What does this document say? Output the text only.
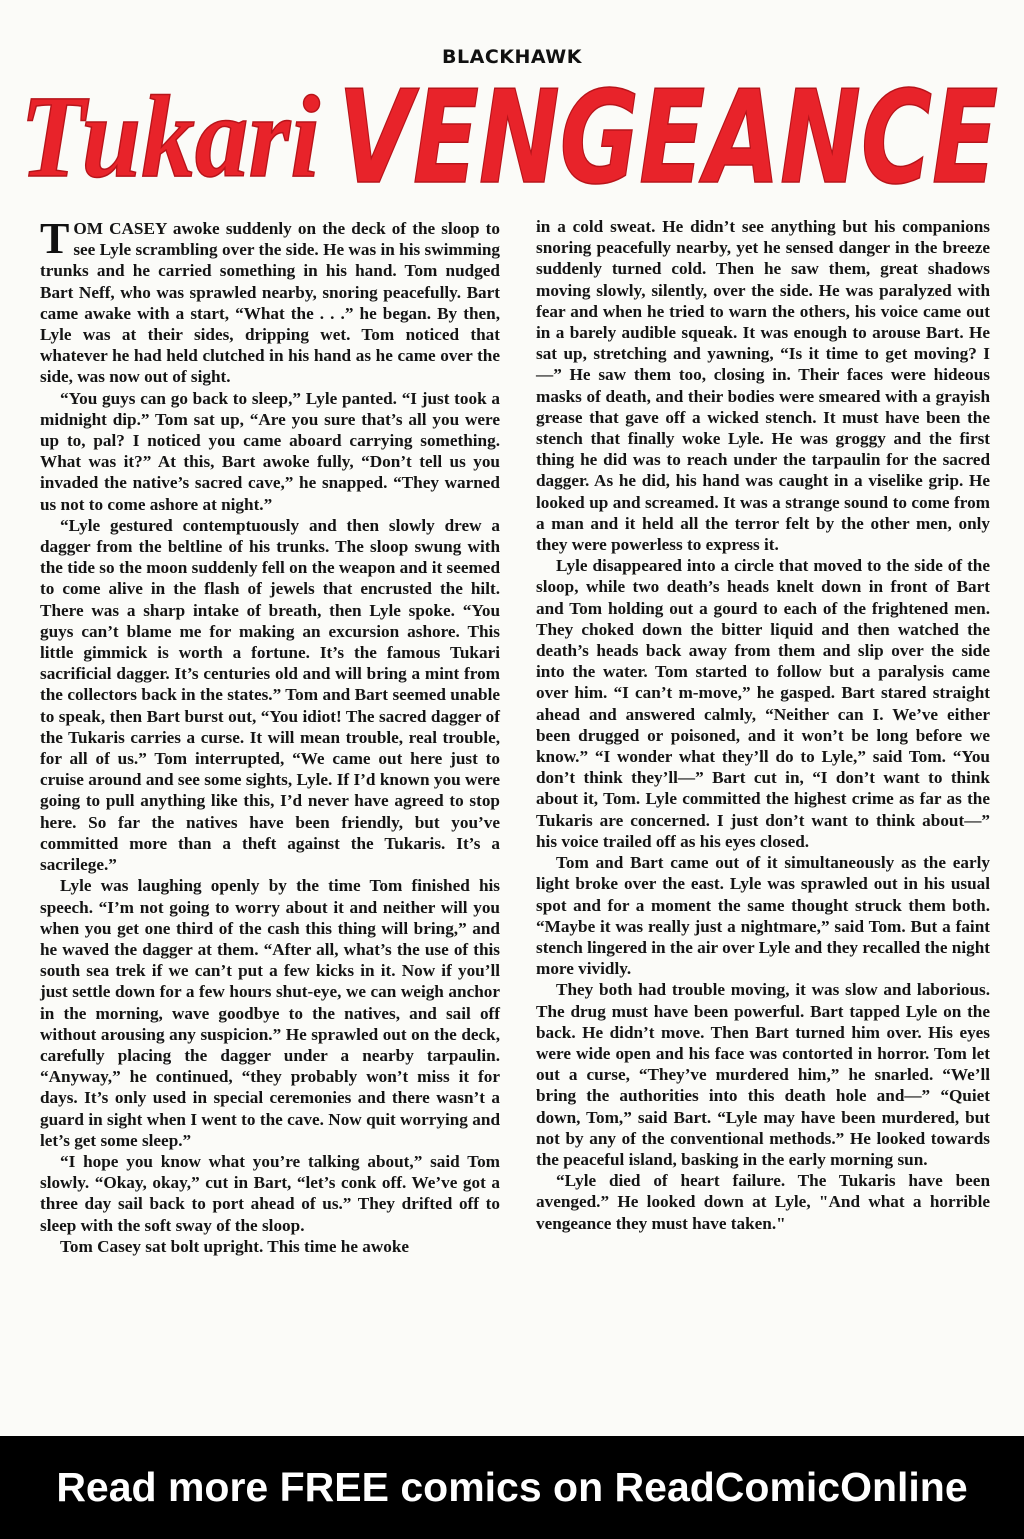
BLACKHAWK
Tukari VENGEANCE

TOM CASEY awoke suddenly on the deck of the sloop to see Lyle scrambling over the side. He was in his swimming trunks and he carried something in his hand. Tom nudged Bart Neff, who was sprawled nearby, snoring peacefully. Bart came awake with a start, “What the . . .” he began. By then, Lyle was at their sides, dripping wet. Tom noticed that whatever he had held clutched in his hand as he came over the side, was now out of sight.

“You guys can go back to sleep,” Lyle panted. “I just took a midnight dip.” Tom sat up, “Are you sure that’s all you were up to, pal? I noticed you came aboard carrying something. What was it?” At this, Bart awoke fully, “Don’t tell us you invaded the native’s sacred cave,” he snapped. “They warned us not to come ashore at night.”

“Lyle gestured contemptuously and then slowly drew a dagger from the beltline of his trunks. The sloop swung with the tide so the moon suddenly fell on the weapon and it seemed to come alive in the flash of jewels that encrusted the hilt. There was a sharp intake of breath, then Lyle spoke. “You guys can’t blame me for making an excursion ashore. This little gimmick is worth a fortune. It’s the famous Tukari sacrificial dagger. It’s centuries old and will bring a mint from the collectors back in the states.” Tom and Bart seemed unable to speak, then Bart burst out, “You idiot! The sacred dagger of the Tukaris carries a curse. It will mean trouble, real trouble, for all of us.” Tom interrupted, “We came out here just to cruise around and see some sights, Lyle. If I’d known you were going to pull anything like this, I’d never have agreed to stop here. So far the natives have been friendly, but you’ve committed more than a theft against the Tukaris. It’s a sacrilege.”

Lyle was laughing openly by the time Tom finished his speech. “I’m not going to worry about it and neither will you when you get one third of the cash this thing will bring,” and he waved the dagger at them. “After all, what’s the use of this south sea trek if we can’t put a few kicks in it. Now if you’ll just settle down for a few hours shut-eye, we can weigh anchor in the morning, wave goodbye to the natives, and sail off without arousing any suspicion.” He sprawled out on the deck, carefully placing the dagger under a nearby tarpaulin. “Anyway,” he continued, “they probably won’t miss it for days. It’s only used in special ceremonies and there wasn’t a guard in sight when I went to the cave. Now quit worrying and let’s get some sleep.”

“I hope you know what you’re talking about,” said Tom slowly. “Okay, okay,” cut in Bart, “let’s conk off. We’ve got a three day sail back to port ahead of us.” They drifted off to sleep with the soft sway of the sloop.

Tom Casey sat bolt upright. This time he awoke

in a cold sweat. He didn’t see anything but his companions snoring peacefully nearby, yet he sensed danger in the breeze suddenly turned cold. Then he saw them, great shadows moving slowly, silently, over the side. He was paralyzed with fear and when he tried to warn the others, his voice came out in a barely audible squeak. It was enough to arouse Bart. He sat up, stretching and yawning, “Is it time to get moving? I—” He saw them too, closing in. Their faces were hideous masks of death, and their bodies were smeared with a grayish grease that gave off a wicked stench. It must have been the stench that finally woke Lyle. He was groggy and the first thing he did was to reach under the tarpaulin for the sacred dagger. As he did, his hand was caught in a viselike grip. He looked up and screamed. It was a strange sound to come from a man and it held all the terror felt by the other men, only they were powerless to express it.

Lyle disappeared into a circle that moved to the side of the sloop, while two death’s heads knelt down in front of Bart and Tom holding out a gourd to each of the frightened men. They choked down the bitter liquid and then watched the death’s heads back away from them and slip over the side into the water. Tom started to follow but a paralysis came over him. “I can’t m-move,” he gasped. Bart stared straight ahead and answered calmly, “Neither can I. We’ve either been drugged or poisoned, and it won’t be long before we know.” “I wonder what they’ll do to Lyle,” said Tom. “You don’t think they’ll—” Bart cut in, “I don’t want to think about it, Tom. Lyle committed the highest crime as far as the Tukaris are concerned. I just don’t want to think about—” his voice trailed off as his eyes closed.

Tom and Bart came out of it simultaneously as the early light broke over the east. Lyle was sprawled out in his usual spot and for a moment the same thought struck them both. “Maybe it was really just a nightmare,” said Tom. But a faint stench lingered in the air over Lyle and they recalled the night more vividly.

They both had trouble moving, it was slow and laborious. The drug must have been powerful. Bart tapped Lyle on the back. He didn’t move. Then Bart turned him over. His eyes were wide open and his face was contorted in horror. Tom let out a curse, “They’ve murdered him,” he snarled. “We’ll bring the authorities into this death hole and—” “Quiet down, Tom,” said Bart. “Lyle may have been murdered, but not by any of the conventional methods.” He looked towards the peaceful island, basking in the early morning sun.

“Lyle died of heart failure. The Tukaris have been avenged.” He looked down at Lyle, "And what a horrible vengeance they must have taken."

Read more FREE comics on ReadComicOnline
